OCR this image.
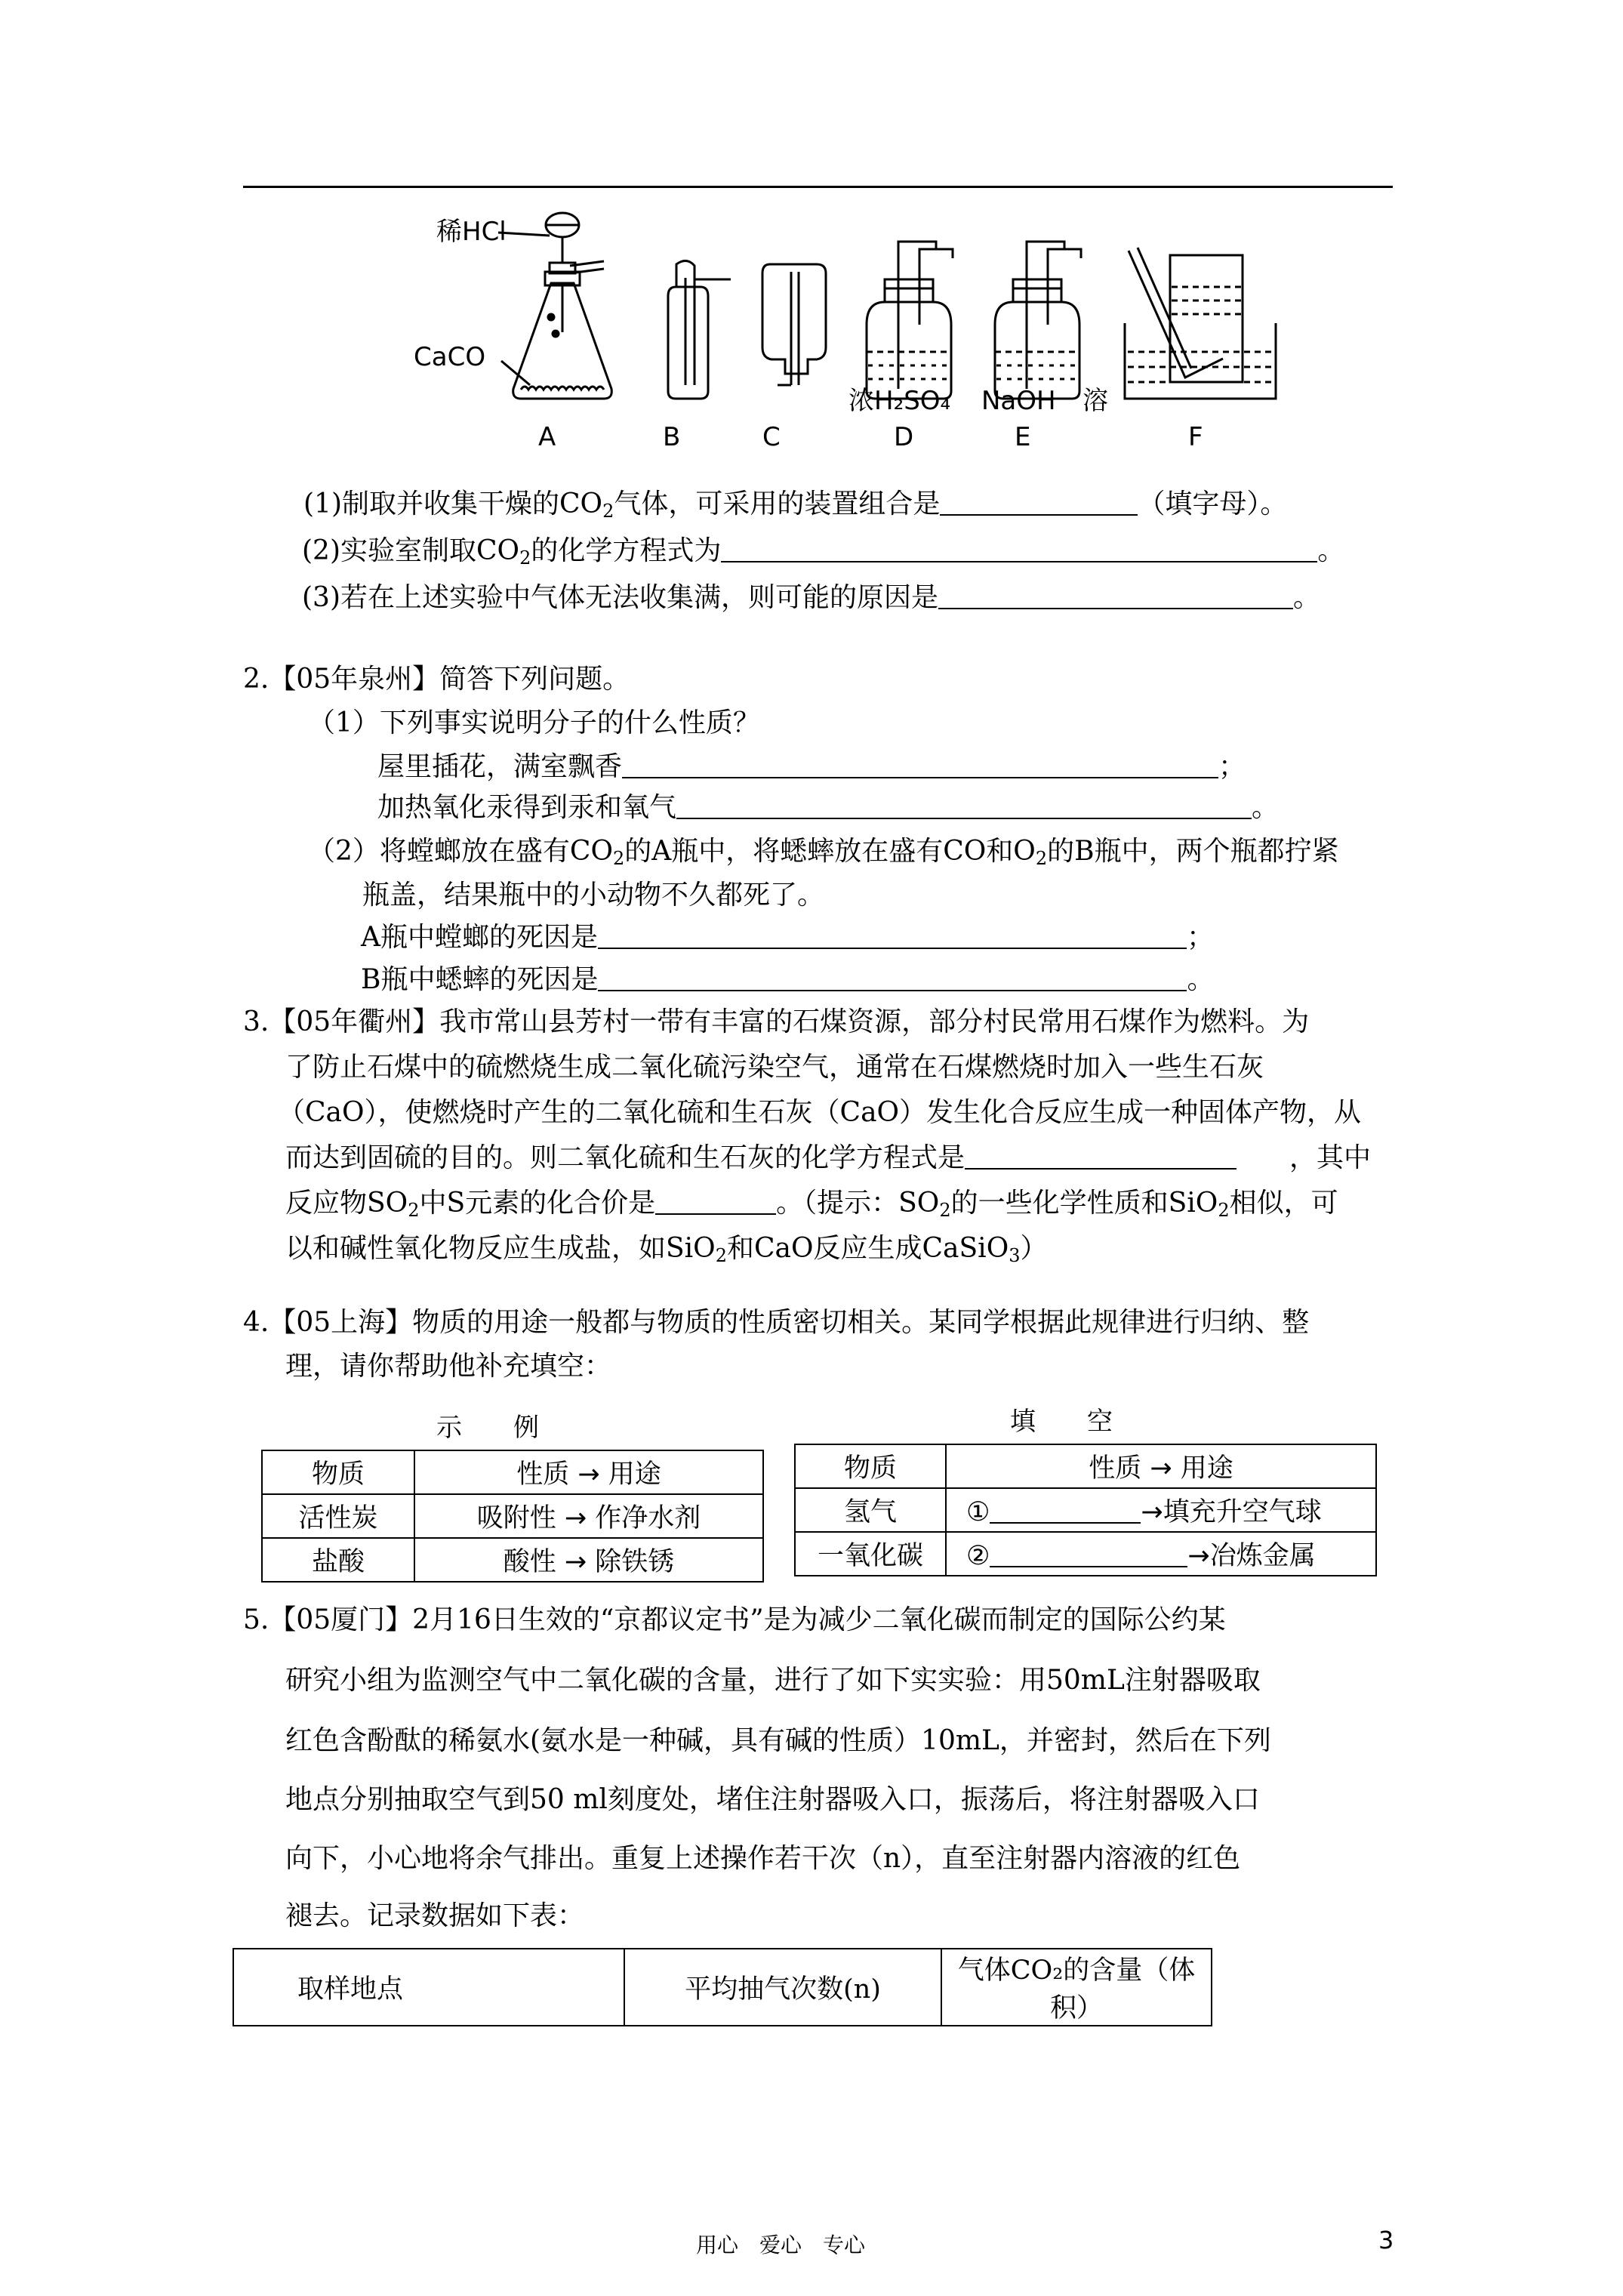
稀HCl
CaCO
浓H₂SO₄ NaOH 溶
A	B	C	D	E	F
(1)制取并收集干燥的$CO_2$气体，可采用的装置组合是	（填字母）。
(2)实验室制取$CO_2$的化学方程式为	。
(3)若在上述实验中气体无法收集满，则可能的原因是	。
2.【05年泉州】简答下列问题。
（1）下列事实说明分子的什么性质？
屋里插花，满室飘香	；
加热氧化汞得到汞和氧气	。
（2）将螳螂放在盛有$CO_2$的A瓶中，将蟋蟀放在盛有CO和$O_2$的B瓶中，两个瓶都拧紧
瓶盖，结果瓶中的小动物不久都死了。
A瓶中螳螂的死因是	；
B瓶中蟋蟀的死因是	。
3.【05年衢州】我市常山县芳村一带有丰富的石煤资源，部分村民常用石煤作为燃料。为
了防止石煤中的硫燃烧生成二氧化硫污染空气，通常在石煤燃烧时加入一些生石灰
（CaO），使燃烧时产生的二氧化硫和生石灰（CaO）发生化合反应生成一种固体产物，从
而达到固硫的目的。则二氧化硫和生石灰的化学方程式是	，其中
反应物$SO_2$中S元素的化合价是	。（提示：$SO_2$的一些化学性质和SiO$_2$相似，可
以和碱性氧化物反应生成盐，如SiO$_2$和CaO反应生成CaSiO$_3$）
4.【05上海】物质的用途一般都与物质的性质密切相关。某同学根据此规律进行归纳、整
理，请你帮助他补充填空：
示　　例	填　　空
物质	性质 → 用途
活性炭	吸附性 → 作净水剂
盐酸	酸性 → 除铁锈
物质	性质 → 用途
氢气	① →填充升空气球
一氧化碳	② →冶炼金属
5.【05厦门】2月16日生效的“京都议定书”是为减少二氧化碳而制定的国际公约某
研究小组为监测空气中二氧化碳的含量，进行了如下实实验：用50mL注射器吸取
红色含酚酞的稀氨水(氨水是一种碱，具有碱的性质）10mL，并密封，然后在下列
地点分别抽取空气到50 ml刻度处，堵住注射器吸入口，振荡后，将注射器吸入口
向下，小心地将余气排出。重复上述操作若干次（n），直至注射器内溶液的红色
褪去。记录数据如下表：
取样地点	平均抽气次数(n)	气体CO₂的含量（体积）
用心　爱心　专心	3
